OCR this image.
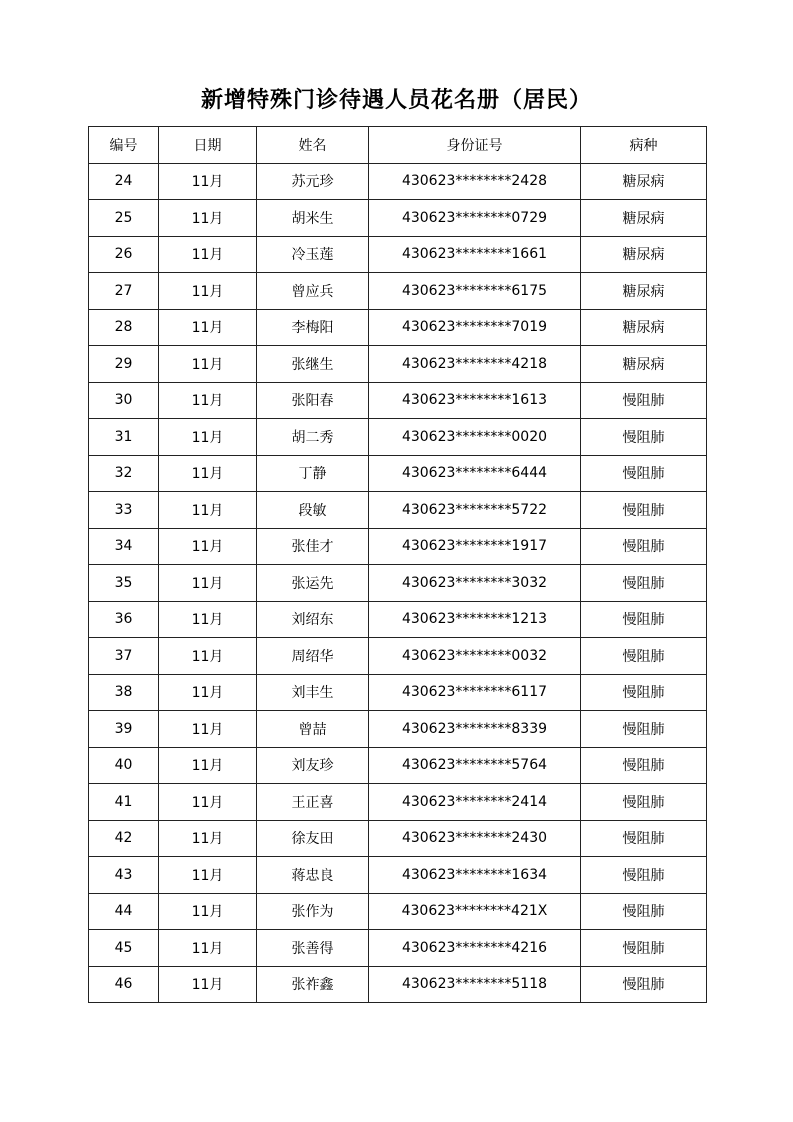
新增特殊门诊待遇人员花名册（居民）
编号	日期	姓名	身份证号	病种
24	11月	苏元珍	430623********2428	糖尿病
25	11月	胡米生	430623********0729	糖尿病
26	11月	冷玉莲	430623********1661	糖尿病
27	11月	曾应兵	430623********6175	糖尿病
28	11月	李梅阳	430623********7019	糖尿病
29	11月	张继生	430623********4218	糖尿病
30	11月	张阳春	430623********1613	慢阻肺
31	11月	胡二秀	430623********0020	慢阻肺
32	11月	丁静	430623********6444	慢阻肺
33	11月	段敏	430623********5722	慢阻肺
34	11月	张佳才	430623********1917	慢阻肺
35	11月	张运先	430623********3032	慢阻肺
36	11月	刘绍东	430623********1213	慢阻肺
37	11月	周绍华	430623********0032	慢阻肺
38	11月	刘丰生	430623********6117	慢阻肺
39	11月	曾喆	430623********8339	慢阻肺
40	11月	刘友珍	430623********5764	慢阻肺
41	11月	王正喜	430623********2414	慢阻肺
42	11月	徐友田	430623********2430	慢阻肺
43	11月	蒋忠良	430623********1634	慢阻肺
44	11月	张作为	430623********421X	慢阻肺
45	11月	张善得	430623********4216	慢阻肺
46	11月	张祚鑫	430623********5118	慢阻肺
